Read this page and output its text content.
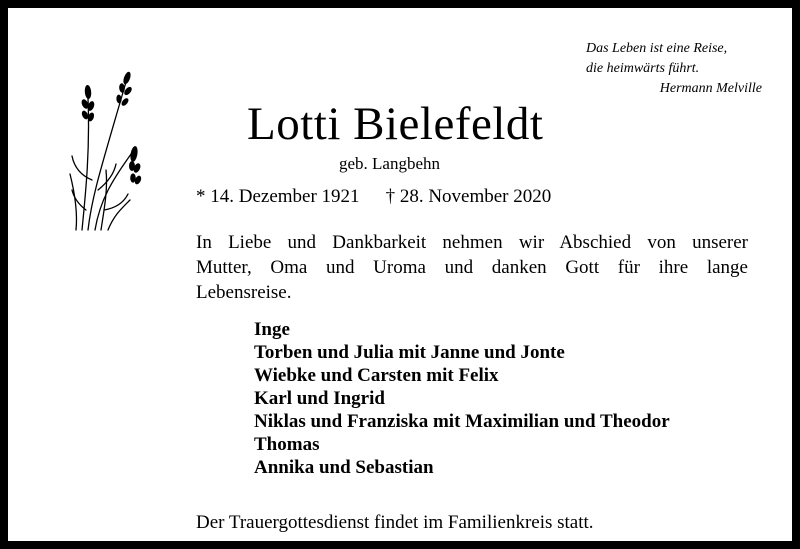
Das Leben ist eine Reise,
die heimwärts führt.
Hermann Melville
Lotti Bielefeldt
geb. Langbehn
* 14. Dezember 1921 † 28. November 2020
In Liebe und Dankbarkeit nehmen wir Abschied von unserer
Mutter, Oma und Uroma und danken Gott für ihre lange
Lebensreise.
Inge
Torben und Julia mit Janne und Jonte
Wiebke und Carsten mit Felix
Karl und Ingrid
Niklas und Franziska mit Maximilian und Theodor
Thomas
Annika und Sebastian
Der Trauergottesdienst findet im Familienkreis statt.
